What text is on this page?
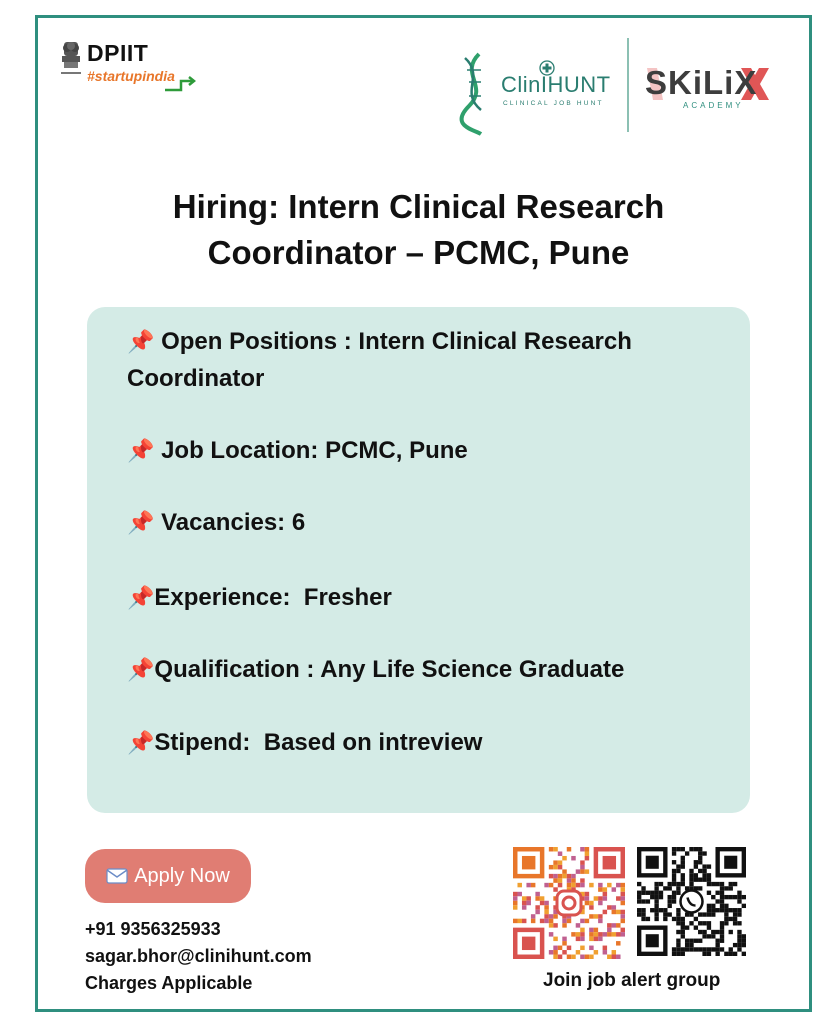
DPIIT
#startupindia	ClinIHUNT
CLINICAL JOB HUNT
SKiLiX
ACADEMY
Hiring: Intern Clinical Research Coordinator – PCMC, Pune
📌 Open Positions : Intern Clinical Research Coordinator
📌 Job Location: PCMC, Pune
📌 Vacancies: 6
📌Experience:  Fresher
📌Qualification : Any Life Science Graduate
📌Stipend:  Based on intreview
Apply Now
+91 9356325933
sagar.bhor@clinihunt.com
Charges Applicable	Join job alert group
